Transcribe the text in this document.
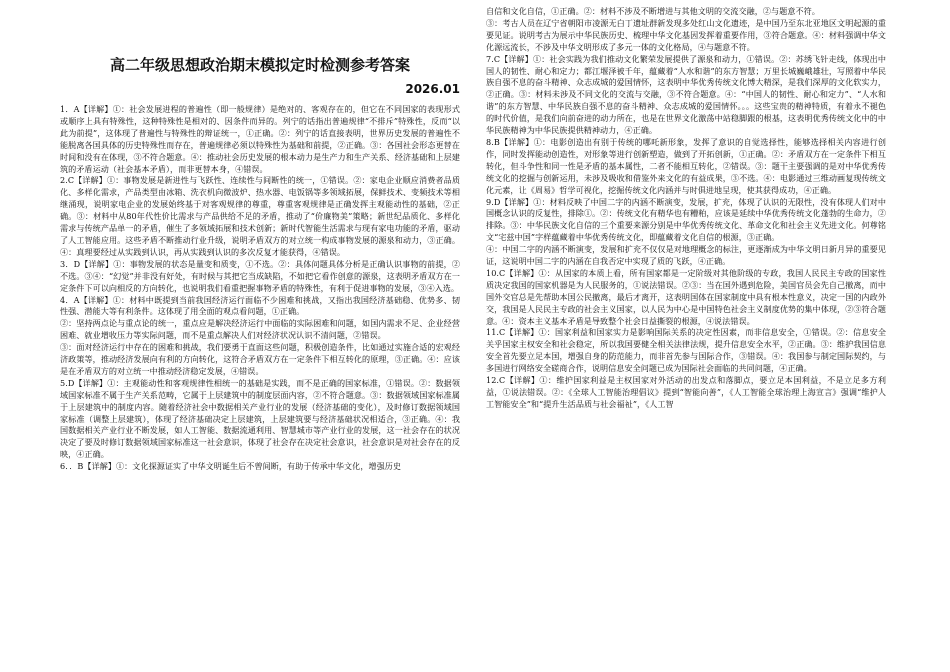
高二年级思想政治期末模拟定时检测参考答案
2026.01

1．A【详解】①：社会发展进程的普遍性（即一般规律）是绝对的、客观存在的，但它在不同国家的表现形式或顺序上具有特殊性，这种特殊性是相对的、因条件而异的。列宁的话指出普遍规律“不排斥”特殊性，反而“以此为前提”，这体现了普遍性与特殊性的辩证统一，①正确。②：列宁的话直接表明，世界历史发展的普遍性不能脱离各国具体的历史特殊性而存在，普遍规律必须以特殊性为基础和前提，②正确。③：各国社会形态更替在时间和没有在体现，③不符合题意。④：推动社会历史发展的根本动力是生产力和生产关系、经济基础和上层建筑的矛盾运动（社会基本矛盾），而非更替本身，④错误。

2.C【详解】①：事物发展是新进性与飞跃性、连续性与间断性的统一，①错误。②：家电企业顺应消费者品质化、多样化需求，产品类型由冰箱、洗衣机向微波炉、热水器、电饭锅等多领域拓展，保鲜技术、变频技术等相继涌现，说明家电企业的发展始终基于对客观规律的尊重，尊重客观规律是正确发挥主观能动性的基础，②正确。③：材料中从80年代性价比需求与产品供给不足的矛盾，推动了“价廉物美”策略；新世纪品质化、多样化需求与传统产品单一的矛盾，催生了多领域拓展和技术创新；新时代智能生活需求与现有家电功能的矛盾，驱动了人工智能应用。这些矛盾不断推动行业升级，说明矛盾双方的对立统一构成事物发展的源泉和动力，③正确。④：真理要经过从实践到认识，再从实践到认识的多次反复才能获得，④错误。

3．D【详解】①：事物发展的状态是量变和质变，①不选。②：具体问题具体分析是正确认识事物的前提，②不选。③④：“幻觉”并非没有好处，有时候与其把它当成缺陷，不如把它看作创意的源泉，这表明矛盾双方在一定条件下可以向相反的方向转化，也说明我们看重把握事物矛盾的特殊性，有利于促进事物的发展，③④入选。

4．A【详解】①：材料中既提到当前我国经济运行面临不少困难和挑战，又指出我国经济基础稳、优势多、韧性强、潜能大等有利条件。这体现了用全面的观点看问题，①正确。

②：坚持两点论与重点论的统一，重点应是解决经济运行中面临的实际困难和问题，如国内需求不足、企业经营困难、就业增收压力等实际问题，而不是重点解决人们对经济状况认识不清问题，②错误。

③：面对经济运行中存在的困难和挑战，我们要勇于直面这些问题，积极创造条件，比如通过实施合适的宏观经济政策等，推动经济发展向有利的方向转化，这符合矛盾双方在一定条件下相互转化的原理，③正确。④：应该是在矛盾双方的对立统一中推动经济稳定发展，④错误。

5.D【详解】①：主观能动性和客观规律性相统一的基础是实践，而不是正确的国家标准，①错误。②：数据领域国家标准不属于生产关系范畴，它属于上层建筑中的制度层面内容，②不符合题意。③：数据领域国家标准属于上层建筑中的制度内容。随着经济社会中数据相关产业行业的发展（经济基础的变化），及时修订数据领域国家标准（调整上层建筑），体现了经济基础决定上层建筑，上层建筑要与经济基础状况相适合，③正确。④：我国数据相关产业行业不断发展，如人工智能、数据流通利用、智慧城市等产业行业的发展，这一社会存在的状况决定了要及时修订数据领域国家标准这一社会意识，体现了社会存在决定社会意识，社会意识是对社会存在的反映，④正确。

6．．B【详解】①：文化探源证实了中华文明诞生后不曾间断，有助于传承中华文化，增强历史

自信和文化自信，①正确。②：材料不涉及不断增进与其他文明的交流交融，②与题意不符。

③：考古人员在辽宁省朝阳市凌源无白丁遗址群新发现多处红山文化遗迹，是中国乃至东北亚地区文明起源的重要见证。说明考古为展示中华民族历史、梳理中华文化基因发挥着重要作用，③符合题意。④：材料强调中华文化源远流长，不涉及中华文明形成了多元一体的文化格局，④与题意不符。

7.C【详解】①：社会实践为我们推动文化繁荣发展提供了源泉和动力，①错误。②：苏绣飞针走线，体现出中国人的韧性、耐心和定力；都江堰泽被千年，蕴藏着“人水和谐”的东方智慧；万里长城巍峨雄壮，写照着中华民族自强不息的奋斗精神、众志成城的爱国情怀，这表明中华优秀传统文化博大精深，是我们深厚的文化软实力，②正确。③：材料未涉及不同文化的交流与交融，③不符合题意。④：“中国人的韧性、耐心和定力”、“人水和谐”的东方智慧、中华民族自强不息的奋斗精神、众志成城的爱国情怀。。。这些宝贵的精神特质，有着永不褪色的时代价值，是我们向前奋进的动力所在，也是在世界文化激荡中站稳脚跟的根基，这表明优秀传统文化中的中华民族精神为中华民族提供精神动力，④正确。

8.B【详解】①：电影创造出有别于传统的哪吒新形象，发挥了意识的自觉选择性，能够选择相关内容进行创作，同时发挥能动创造性，对形象等进行创新塑造，做到了开拓创新，①正确。②：矛盾双方在一定条件下相互转化，但斗争性和同一性是矛盾的基本属性，二者不能相互转化，②错误。③：题干主要强调的是对中华优秀传统文化的挖掘与创新运用，未涉及吸收和借鉴外来文化的有益成果，③不选。④：电影通过三维动画复现传统文化元素，让《周易》哲学可视化，挖掘传统文化内涵并与时俱进地呈现，使其获得成功，④正确。

9.D【详解】①：材料反映了中国二字的内涵不断演变，发展，扩充，体现了认识的无限性，没有体现人们对中国概念认识的反复性，排除①。②：传统文化有精华也有糟粕，应该是延续中华优秀传统文化蓬勃的生命力，②排除。③：中华民族文化自信的三个重要来源分别是中华优秀传统文化、革命文化和社会主义先进文化。何尊铭文“宅兹中国”字样蕴藏着中华优秀传统文化，即蕴藏着文化自信的根源，③正确。

④：中国二字的内涵不断演变，发展和扩充不仅仅是对地理概念的标注，更逐渐成为中华文明日新月异的重要见证，这说明中国二字的内涵在自我否定中实现了质的飞跃，④正确。

10.C【详解】①：从国家的本质上看，所有国家都是一定阶级对其他阶级的专政，我国人民民主专政的国家性质决定我国的国家机器是为人民服务的，①说法错误。②③：当在国外遇到危险，美国官员会先自己撤离，而中国外交官总是先帮助本国公民撤离，最后才离开，这表明国体在国家制度中具有根本性意义，决定一国的内政外交，我国是人民民主专政的社会主义国家，以人民为中心是中国特色社会主义制度优势的集中体现，②③符合题意。④：资本主义基本矛盾是导致整个社会日益撕裂的根源，④说法错误。

11.C【详解】①：国家利益和国家实力是影响国际关系的决定性因素，而非信息安全，①错误。②：信息安全关乎国家主权安全和社会稳定，所以我国要健全相关法律法规，提升信息安全水平，②正确。③：维护我国信息安全首先要立足本国，增强自身的防范能力，而非首先参与国际合作，③错误。④：我国参与制定国际契约，与多国进行网络安全磋商合作，说明信息安全问题已成为国际社会面临的共同问题，④正确。

12.C【详解】①：维护国家利益是主权国家对外活动的出发点和落脚点，要立足本国利益，不是立足多方利益，①说法错误。②：《全球人工智能治理倡议》提到“智能向善”，《人工智能全球治理上海宣言》强调“维护人工智能安全”和“提升生活品质与社会福祉”，《人工智
